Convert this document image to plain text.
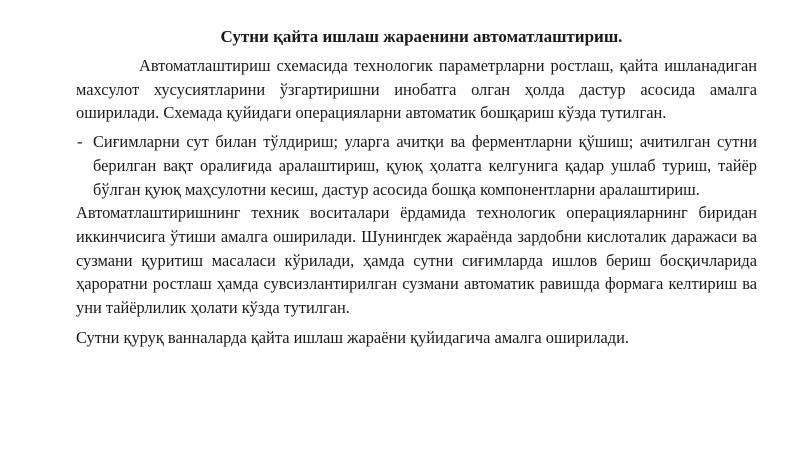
Сутни қайта ишлаш жараенини автоматлаштириш.

Автоматлаштириш схемасида технологик параметрларни ростлаш, қайта ишланадиган махсулот хусусиятларини ўзгартиришни инобатга олган ҳолда дастур асосида амалга оширилади. Схемада қуйидаги операцияларни автоматик бошқариш кўзда тутилган.

- Сиғимларни сут билан тўлдириш; уларга ачитқи ва ферментларни қўшиш; ачитилган сутни берилган вақт оралиғида аралаштириш, қуюқ ҳолатга келгунига қадар ушлаб туриш, тайёр бўлган қуюқ маҳсулотни кесиш, дастур асосида бошқа компонентларни аралаштириш.

Автоматлаштиришнинг техник воситалари ёрдамида технологик операцияларнинг биридан иккинчисига ўтиши амалга оширилади. Шунингдек жараёнда зардобни кислоталик даражаси ва сузмани қуритиш масаласи кўрилади, ҳамда сутни сиғимларда ишлов бериш босқичларида ҳароратни ростлаш ҳамда сувсизлантирилган сузмани автоматик равишда формага келтириш ва уни тайёрлилик ҳолати кўзда тутилган.

Сутни қуруқ ванналарда қайта ишлаш жараёни қуйидагича амалга оширилади.
